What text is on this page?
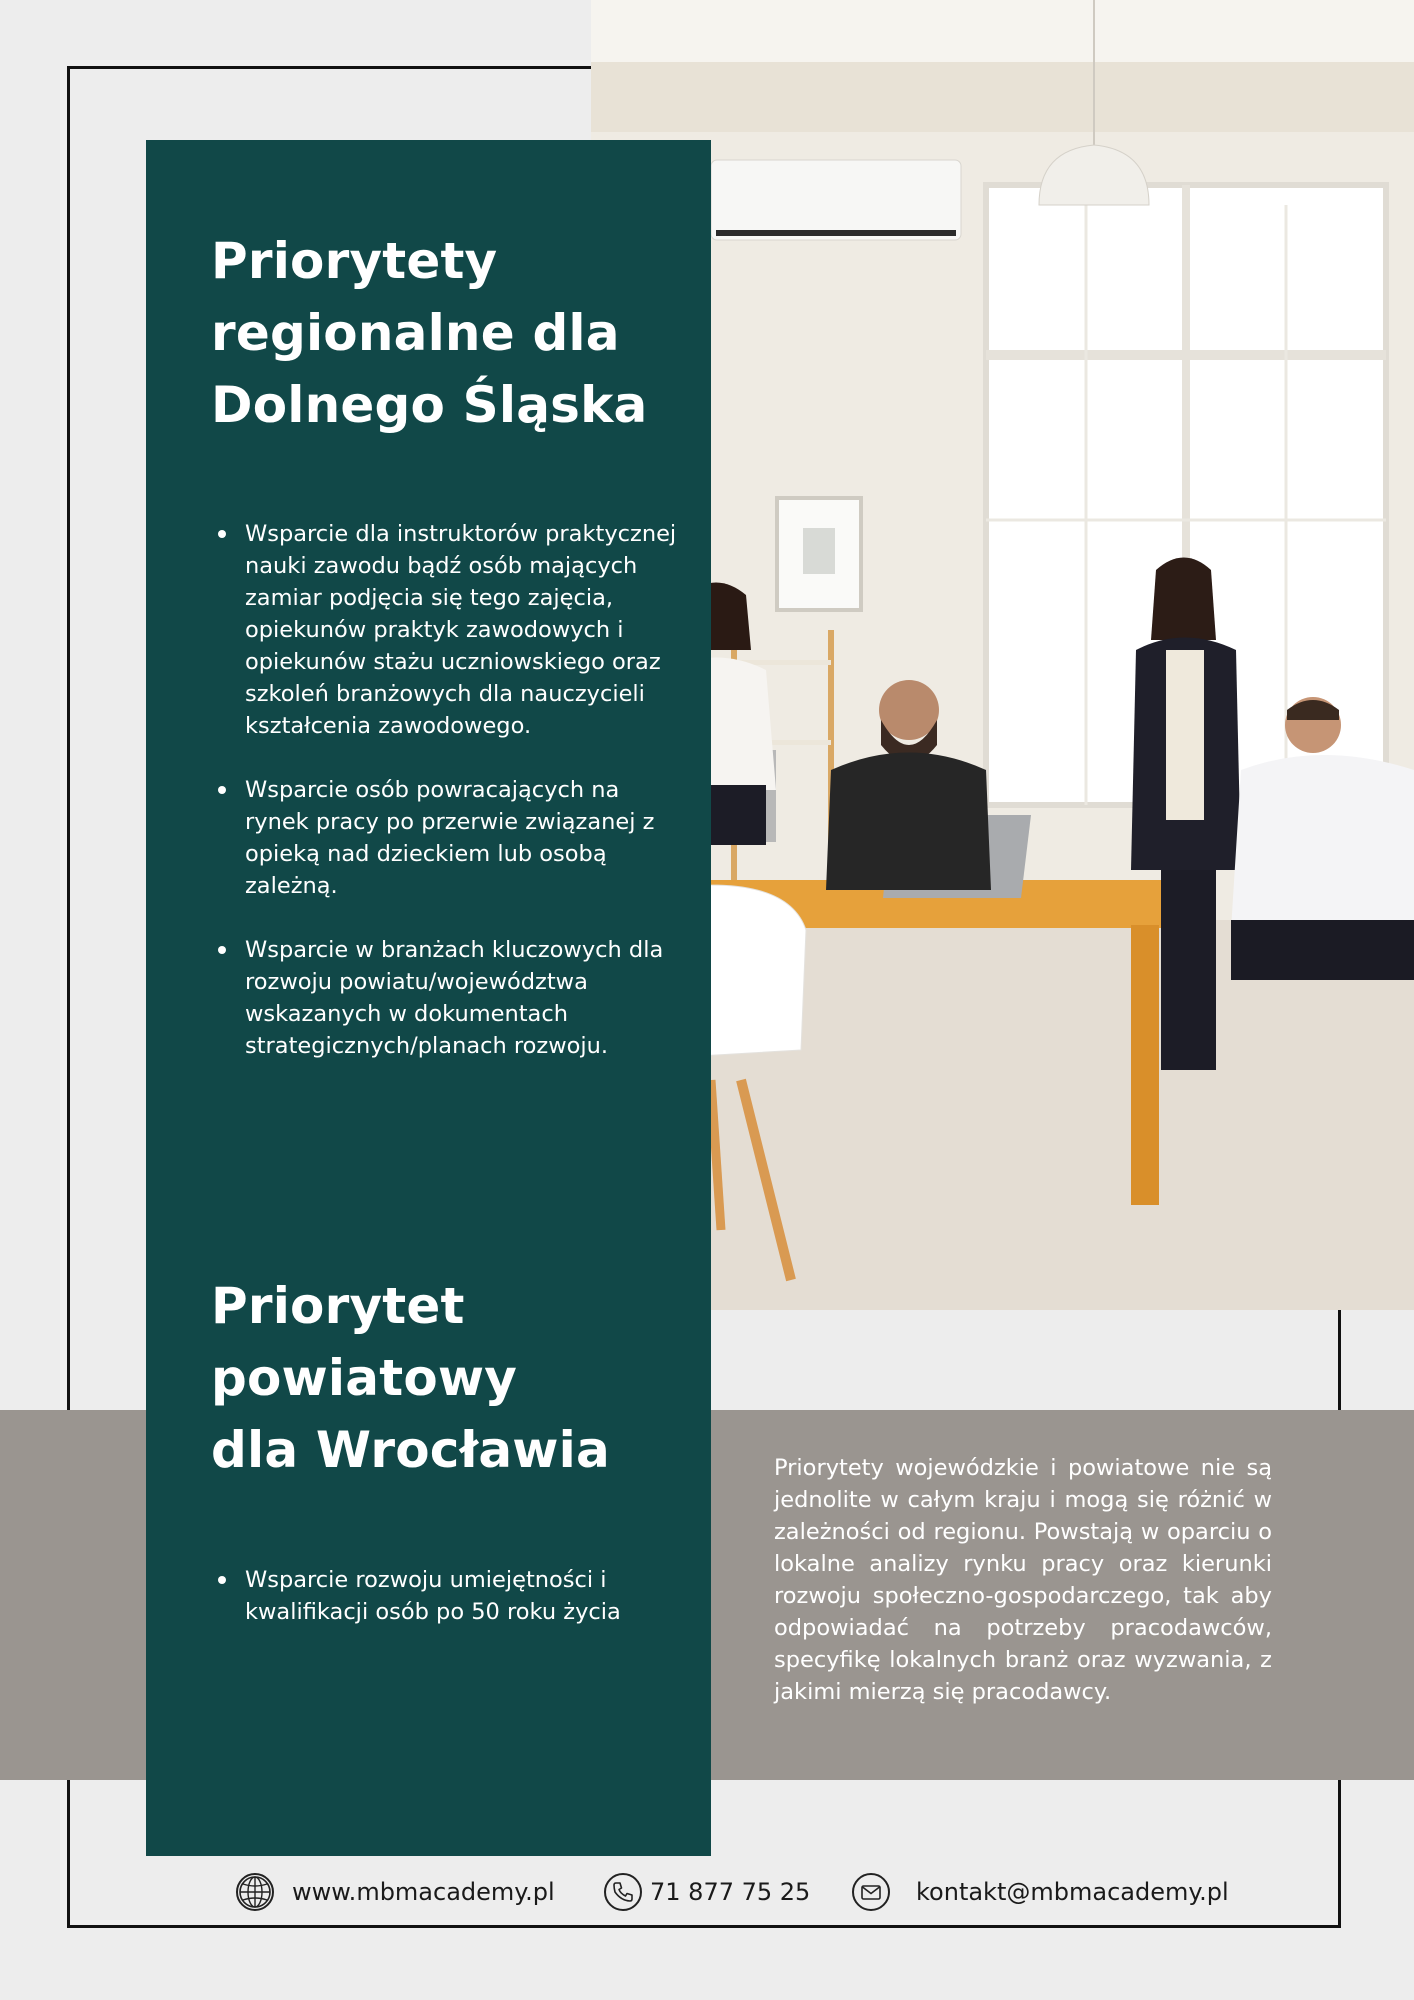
Priorytety
regionalne dla
Dolnego Śląska
Wsparcie dla instruktorów praktycznej nauki zawodu bądź osób mających zamiar podjęcia się tego zajęcia, opiekunów praktyk zawodowych i opiekunów stażu uczniowskiego oraz szkoleń branżowych dla nauczycieli kształcenia zawodowego.
Wsparcie osób powracających na rynek pracy po przerwie związanej z opieką nad dzieckiem lub osobą zależną.
Wsparcie w branżach kluczowych dla rozwoju powiatu/województwa wskazanych w dokumentach strategicznych/planach rozwoju.
Priorytet
powiatowy
dla Wrocławia
Wsparcie rozwoju umiejętności i kwalifikacji osób po 50 roku życia

Priorytety wojewódzkie i powiatowe nie są jednolite w całym kraju i mogą się różnić w zależności od regionu. Powstają w oparciu o lokalne analizy rynku pracy oraz kierunki rozwoju społeczno-gospodarczego, tak aby odpowiadać na potrzeby pracodawców, specyfikę lokalnych branż oraz wyzwania, z jakimi mierzą się pracodawcy.

www.mbmacademy.pl	71 877 75 25	kontakt@mbmacademy.pl
